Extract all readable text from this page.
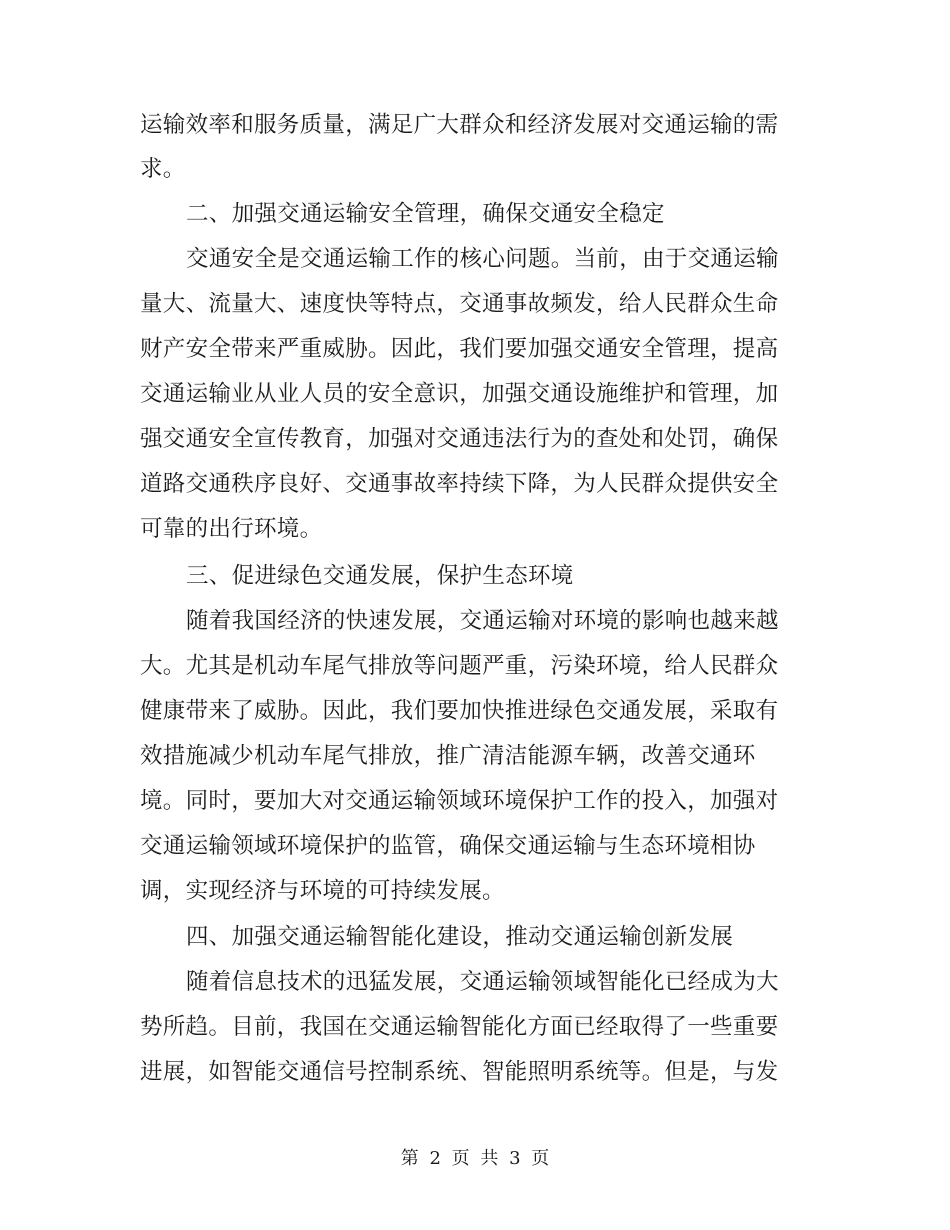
运输效率和服务质量，满足广大群众和经济发展对交通运输的需
求。
二、加强交通运输安全管理，确保交通安全稳定
交通安全是交通运输工作的核心问题。当前，由于交通运输
量大、流量大、速度快等特点，交通事故频发，给人民群众生命
财产安全带来严重威胁。因此，我们要加强交通安全管理，提高
交通运输业从业人员的安全意识，加强交通设施维护和管理，加
强交通安全宣传教育，加强对交通违法行为的查处和处罚，确保
道路交通秩序良好、交通事故率持续下降，为人民群众提供安全
可靠的出行环境。
三、促进绿色交通发展，保护生态环境
随着我国经济的快速发展，交通运输对环境的影响也越来越
大。尤其是机动车尾气排放等问题严重，污染环境，给人民群众
健康带来了威胁。因此，我们要加快推进绿色交通发展，采取有
效措施减少机动车尾气排放，推广清洁能源车辆，改善交通环
境。同时，要加大对交通运输领域环境保护工作的投入，加强对
交通运输领域环境保护的监管，确保交通运输与生态环境相协
调，实现经济与环境的可持续发展。
四、加强交通运输智能化建设，推动交通运输创新发展
随着信息技术的迅猛发展，交通运输领域智能化已经成为大
势所趋。目前，我国在交通运输智能化方面已经取得了一些重要
进展，如智能交通信号控制系统、智能照明系统等。但是，与发
第 2 页 共 3 页
